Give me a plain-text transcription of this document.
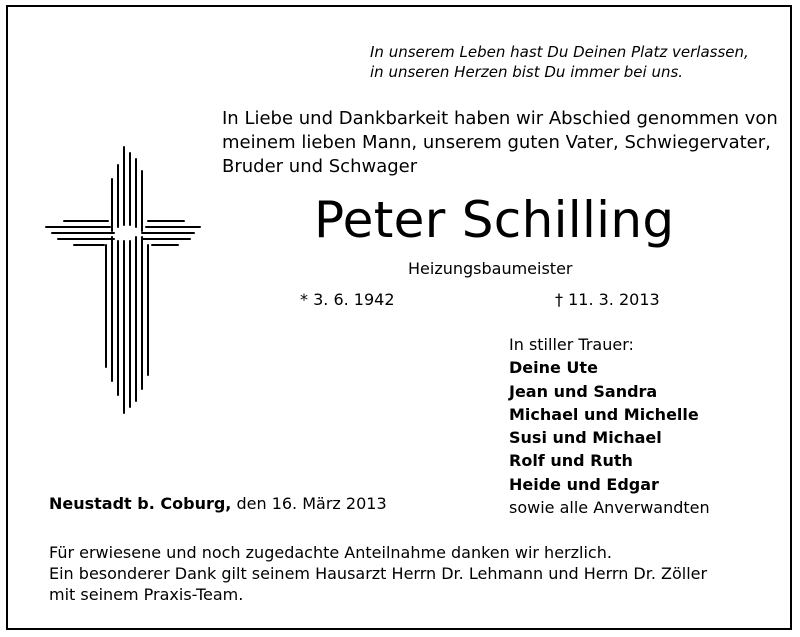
In unserem Leben hast Du Deinen Platz verlassen,
in unseren Herzen bist Du immer bei uns.
In Liebe und Dankbarkeit haben wir Abschied genommen von
meinem lieben Mann, unserem guten Vater, Schwiegervater,
Bruder und Schwager
Peter Schilling
Heizungsbaumeister
* 3. 6. 1942	† 11. 3. 2013
In stiller Trauer:
Deine Ute
Jean und Sandra
Michael und Michelle
Susi und Michael
Rolf und Ruth
Heide und Edgar
sowie alle Anverwandten
Neustadt b. Coburg, den 16. März 2013
Für erwiesene und noch zugedachte Anteilnahme danken wir herzlich.
Ein besonderer Dank gilt seinem Hausarzt Herrn Dr. Lehmann und Herrn Dr. Zöller
mit seinem Praxis-Team.
